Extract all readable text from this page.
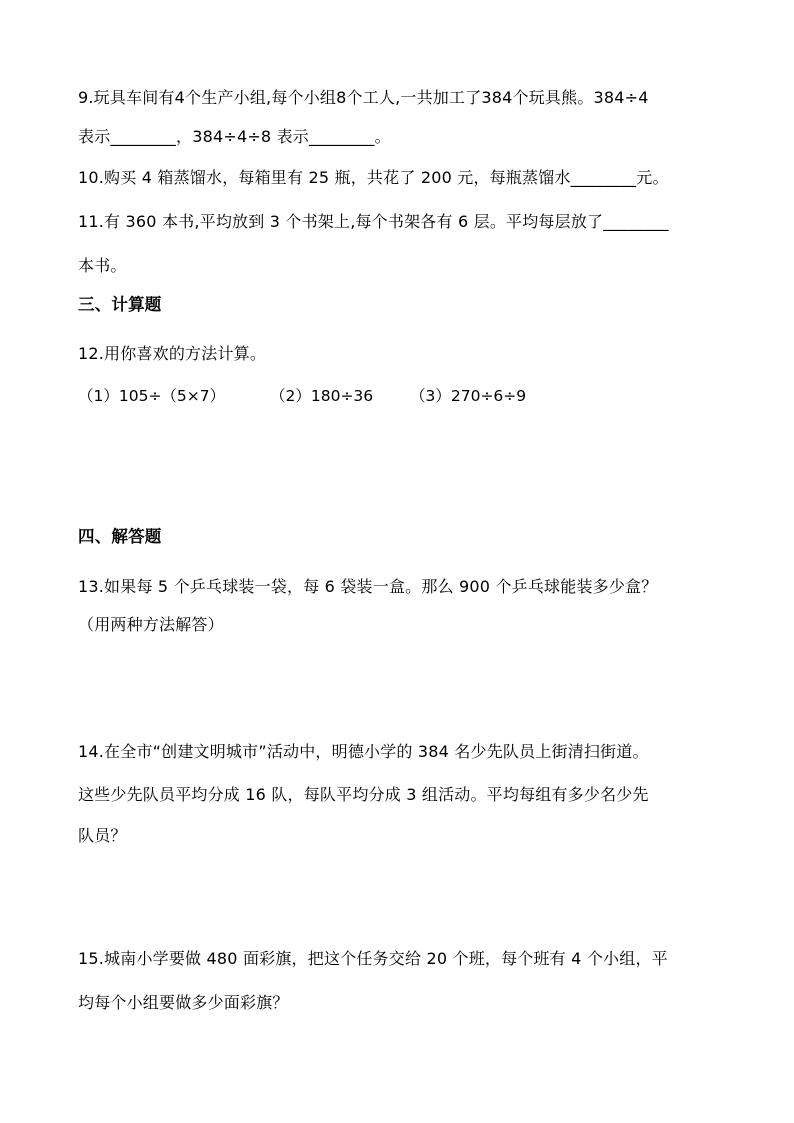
9.玩具车间有4个生产小组,每个小组8个工人,一共加工了384个玩具熊。384÷4
表示________，384÷4÷8 表示________。
10.购买 4 箱蒸馏水，每箱里有 25 瓶，共花了 200 元，每瓶蒸馏水________元。
11.有 360 本书,平均放到 3 个书架上,每个书架各有 6 层。平均每层放了________
本书。
三、计算题
12.用你喜欢的方法计算。
（1）105÷（5×7）	（2）180÷36 （3）270÷6÷9
四、解答题
13.如果每 5 个乒乓球装一袋，每 6 袋装一盒。那么 900 个乒乓球能装多少盒？
（用两种方法解答）
14.在全市“创建文明城市”活动中，明德小学的 384 名少先队员上街清扫街道。
这些少先队员平均分成 16 队，每队平均分成 3 组活动。平均每组有多少名少先
队员？
15.城南小学要做 480 面彩旗，把这个任务交给 20 个班，每个班有 4 个小组，平
均每个小组要做多少面彩旗？
